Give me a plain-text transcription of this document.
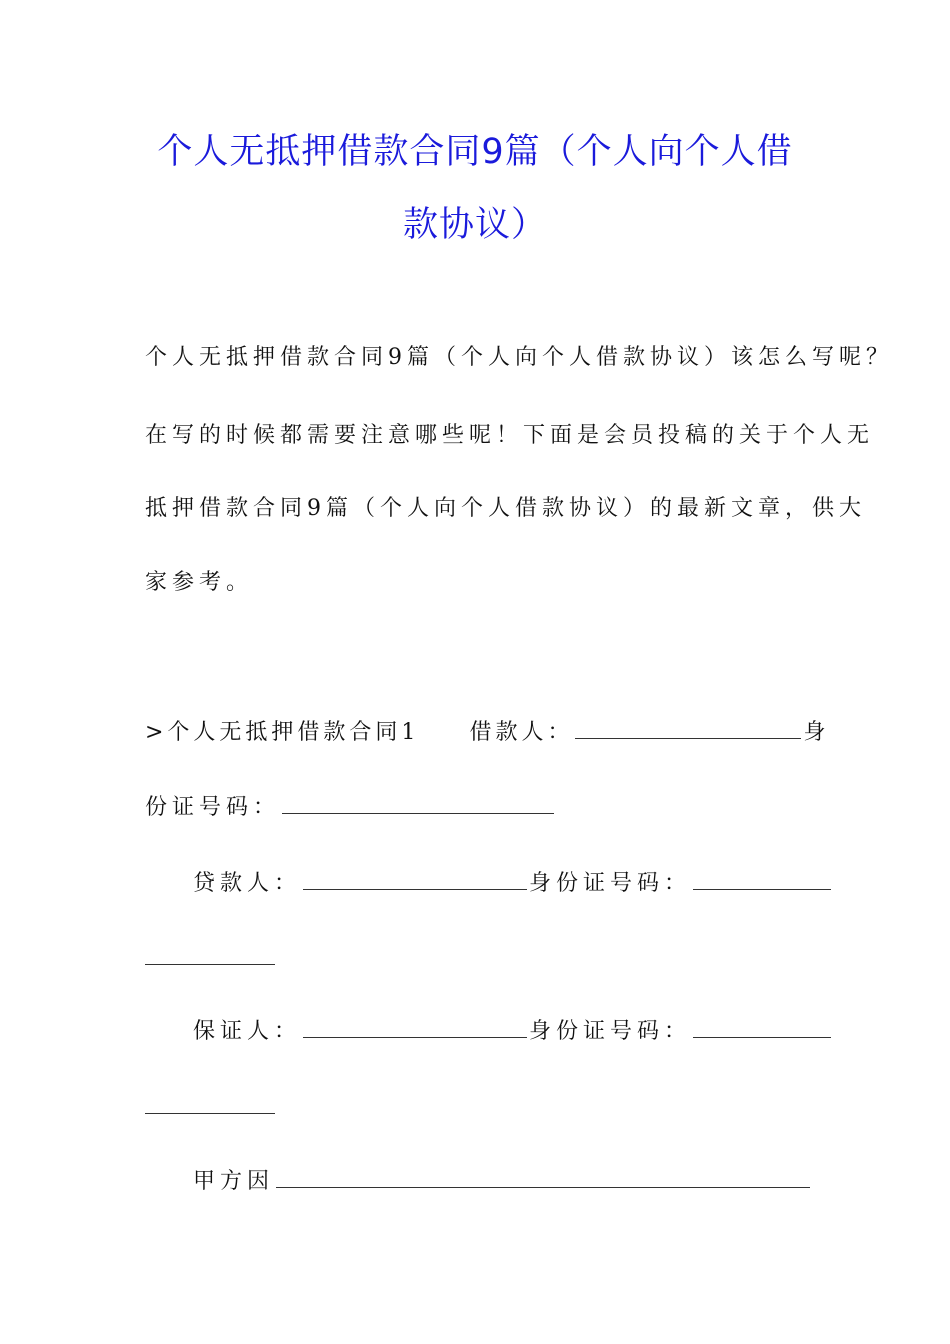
个人无抵押借款合同9篇（个人向个人借
款协议）
个人无抵押借款合同9篇（个人向个人借款协议）该怎么写呢？
在写的时候都需要注意哪些呢！下面是会员投稿的关于个人无
抵押借款合同9篇（个人向个人借款协议）的最新文章，供大
家参考。
>个人无抵押借款合同1 借款人：	身
份证号码：
贷款人：	身份证号码：
保证人：	身份证号码：
甲方因
